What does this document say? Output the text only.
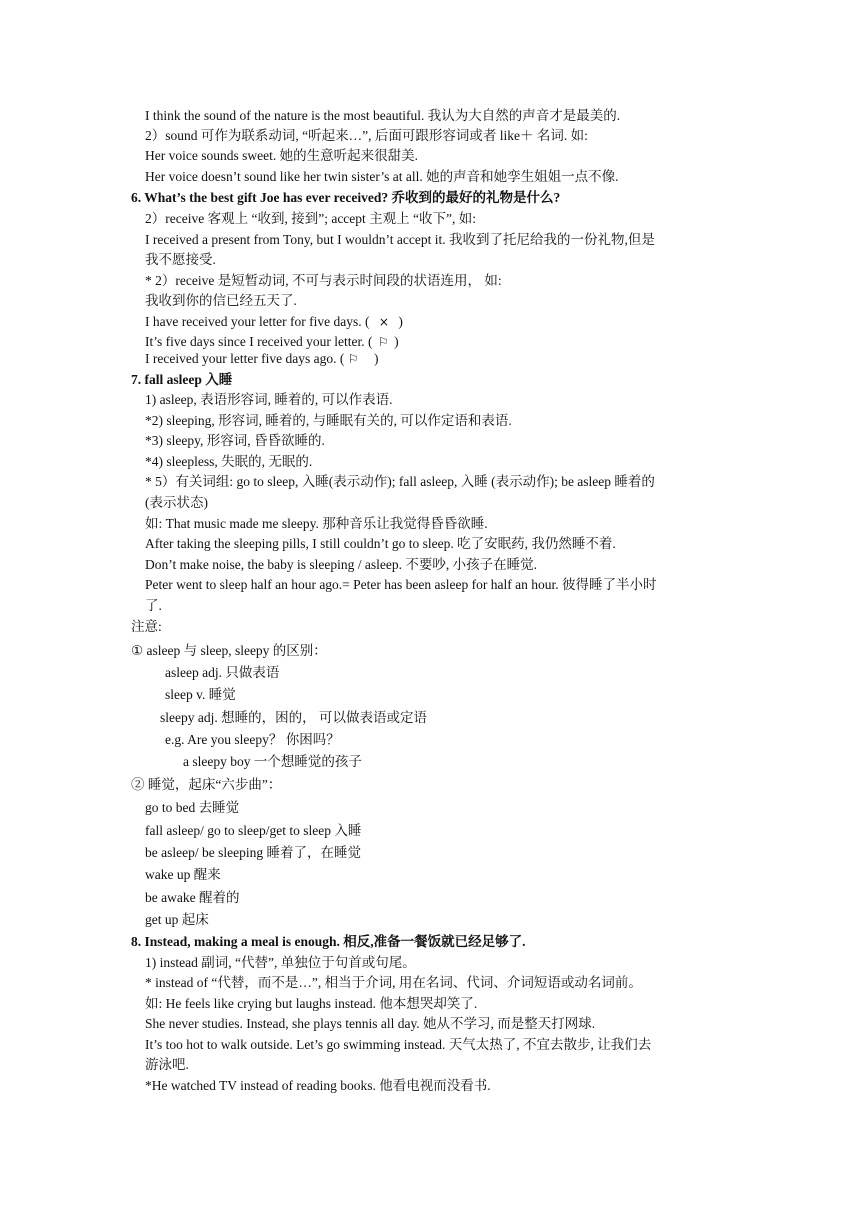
I think the sound of the nature is the most beautiful. 我认为大自然的声音才是最美的.
2）sound 可作为联系动词, “听起来…”, 后面可跟形容词或者 like＋ 名词. 如:
Her voice sounds sweet. 她的生意听起来很甜美.
Her voice doesn’t sound like her twin sister’s at all. 她的声音和她孪生姐姐一点不像.
6. What’s the best gift Joe has ever received? 乔收到的最好的礼物是什么?
2）receive 客观上 “收到, 接到”; accept 主观上 “收下”, 如:
I received a present from Tony, but I wouldn’t accept it. 我收到了托尼给我的一份礼物,但是
我不愿接受.
* 2）receive 是短暂动词, 不可与表示时间段的状语连用， 如:
我收到你的信已经五天了.
I have received your letter for five days. ( × )
It’s five days since I received your letter. ( ⚐ )
I received your letter five days ago. ( ⚐ )
7. fall asleep 入睡
1) asleep, 表语形容词, 睡着的, 可以作表语.
*2) sleeping, 形容词, 睡着的, 与睡眠有关的, 可以作定语和表语.
*3) sleepy, 形容词, 昏昏欲睡的.
*4) sleepless, 失眠的, 无眠的.
* 5）有关词组: go to sleep, 入睡(表示动作); fall asleep, 入睡 (表示动作); be asleep 睡着的
(表示状态)
如: That music made me sleepy. 那种音乐让我觉得昏昏欲睡.
After taking the sleeping pills, I still couldn’t go to sleep. 吃了安眠药, 我仍然睡不着.
Don’t make noise, the baby is sleeping / asleep. 不要吵, 小孩子在睡觉.
Peter went to sleep half an hour ago.= Peter has been asleep for half an hour. 彼得睡了半小时
了.
注意:
① asleep 与 sleep, sleepy 的区别：
asleep adj. 只做表语
sleep v. 睡觉
sleepy adj. 想睡的，困的， 可以做表语或定语
e.g. Are you sleepy？ 你困吗？
a sleepy boy 一个想睡觉的孩子
② 睡觉，起床“六步曲”：
go to bed 去睡觉
fall asleep/ go to sleep/get to sleep 入睡
be asleep/ be sleeping 睡着了，在睡觉
wake up 醒来
be awake 醒着的
get up 起床
8. Instead, making a meal is enough. 相反,准备一餐饭就已经足够了.
1) instead 副词, “代替”, 单独位于句首或句尾。
* instead of “代替，而不是…”, 相当于介词, 用在名词、代词、介词短语或动名词前。
如: He feels like crying but laughs instead. 他本想哭却笑了.
She never studies. Instead, she plays tennis all day. 她从不学习, 而是整天打网球.
It’s too hot to walk outside. Let’s go swimming instead. 天气太热了, 不宜去散步, 让我们去
游泳吧.
*He watched TV instead of reading books. 他看电视而没看书.
